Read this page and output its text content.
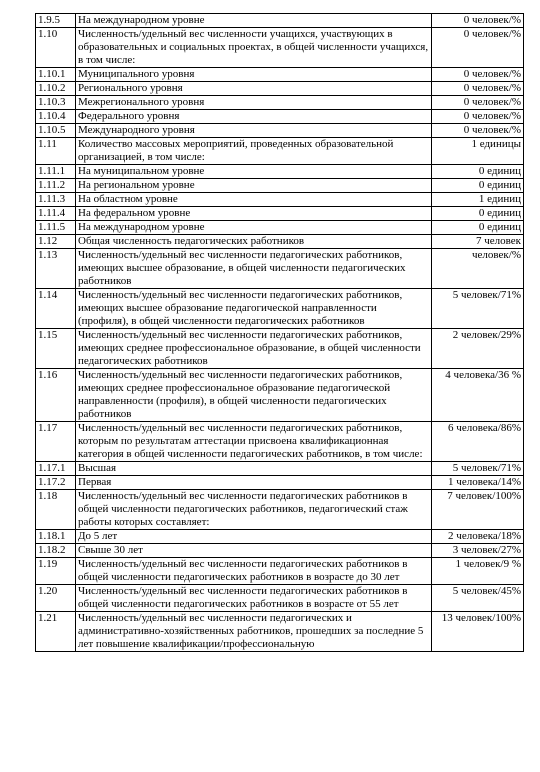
1.9.5	На международном уровне	0 человек/%
1.10	Численность/удельный вес численности учащихся, участвующих в образовательных и социальных проектах, в общей численности учащихся, в том числе:	0 человек/%
1.10.1	Муниципального уровня	0 человек/%
1.10.2	Регионального уровня	0 человек/%
1.10.3	Межрегионального уровня	0 человек/%
1.10.4	Федерального уровня	0 человек/%
1.10.5	Международного уровня	0 человек/%
1.11	Количество массовых мероприятий, проведенных образовательной организацией, в том числе:	1 единицы
1.11.1	На муниципальном уровне	0 единиц
1.11.2	На региональном уровне	0 единиц
1.11.3	На областном уровне	1 единиц
1.11.4	На федеральном уровне	0 единиц
1.11.5	На международном уровне	0 единиц
1.12	Общая численность педагогических работников	7 человек
1.13	Численность/удельный вес численности педагогических работников, имеющих высшее образование, в общей численности педагогических работников	человек/%
1.14	Численность/удельный вес численности педагогических работников, имеющих высшее образование педагогической направленности (профиля), в общей численности педагогических работников	5 человек/71%
1.15	Численность/удельный вес численности педагогических работников, имеющих среднее профессиональное образование, в общей численности педагогических работников	2 человек/29%
1.16	Численность/удельный вес численности педагогических работников, имеющих среднее профессиональное образование педагогической направленности (профиля), в общей численности педагогических работников	4 человека/36 %
1.17	Численность/удельный вес численности педагогических работников, которым по результатам аттестации присвоена квалификационная категория в общей численности педагогических работников, в том числе:	6 человека/86%
1.17.1	Высшая	5 человек/71%
1.17.2	Первая	1 человека/14%
1.18	Численность/удельный вес численности педагогических работников в общей численности педагогических работников, педагогический стаж работы которых составляет:	7 человек/100%
1.18.1	До 5 лет	2 человека/18%
1.18.2	Свыше 30 лет	3 человек/27%
1.19	Численность/удельный вес численности педагогических работников в общей численности педагогических работников в возрасте до 30 лет	1 человек/9 %
1.20	Численность/удельный вес численности педагогических работников в общей численности педагогических работников в возрасте от 55 лет	5 человек/45%
1.21	Численность/удельный вес численности педагогических и административно-хозяйственных работников, прошедших за последние 5 лет повышение квалификации/профессиональную	13 человек/100%
